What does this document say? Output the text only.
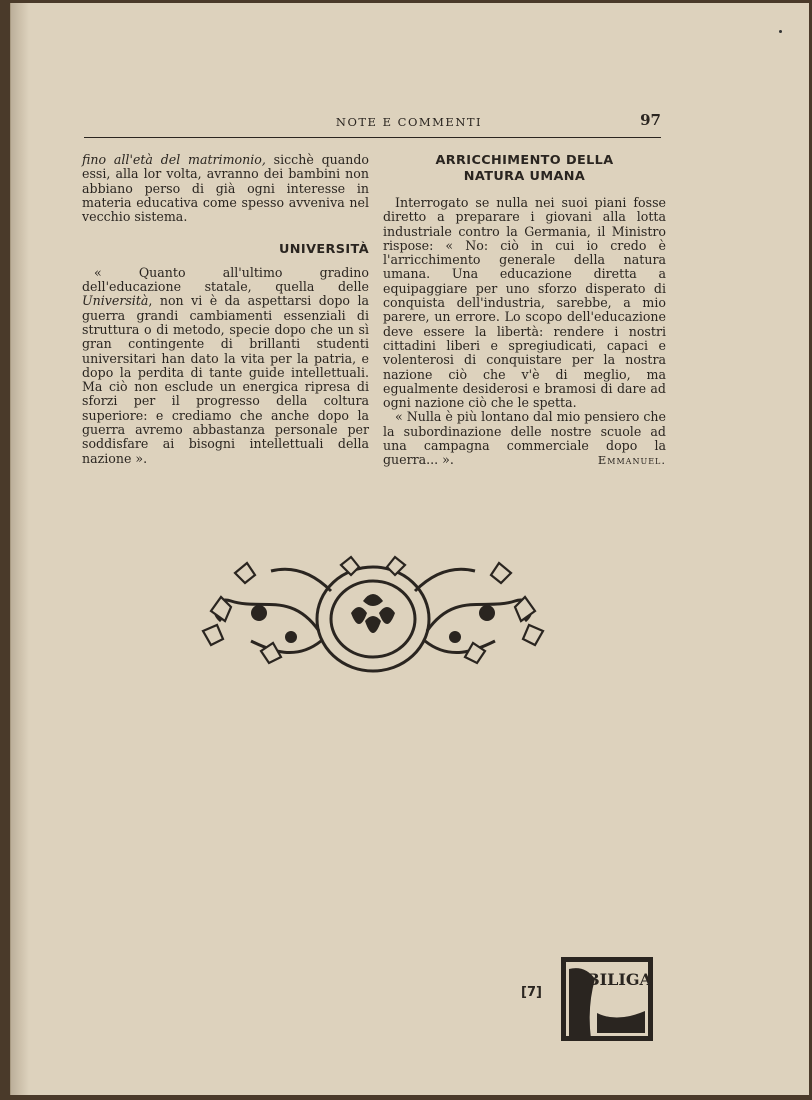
NOTE E COMMENTI	97

fino all'età del matrimonio, sicchè quando essi, alla lor volta, avranno dei bambini non abbiano perso di già ogni interesse in materia educativa come spesso avveniva nel vecchio sistema.

UNIVERSITÀ

« Quanto all'ultimo gradino dell'educazione statale, quella delle Università, non vi è da aspettarsi dopo la guerra grandi cambiamenti essenziali di struttura o di metodo, specie dopo che un sì gran contingente di brillanti studenti universitari han dato la vita per la patria, e dopo la perdita di tante guide intellettuali. Ma ciò non esclude un energica ripresa di sforzi per il progresso della coltura superiore: e crediamo che anche dopo la guerra avremo abbastanza personale per soddisfare ai bisogni intellettuali della nazione ».

ARRICCHIMENTO DELLA
NATURA UMANA

Interrogato se nulla nei suoi piani fosse diretto a preparare i giovani alla lotta industriale contro la Germania, il Ministro rispose: « No: ciò in cui io credo è l'arricchimento generale della natura umana. Una educazione diretta a equipaggiare per uno sforzo disperato di conquista dell'industria, sarebbe, a mio parere, un errore. Lo scopo dell'educazione deve essere la libertà: rendere i nostri cittadini liberi e spregiudicati, capaci e volenterosi di conquistare per la nostra nazione ciò che v'è di meglio, ma egualmente desiderosi e bramosi di dare ad ogni nazione ciò che le spetta.

« Nulla è più lontano dal mio pensiero che la subordinazione delle nostre scuole ad una campagna commerciale dopo la guerra... ».	Emmanuel.

[7]
BILIGA
